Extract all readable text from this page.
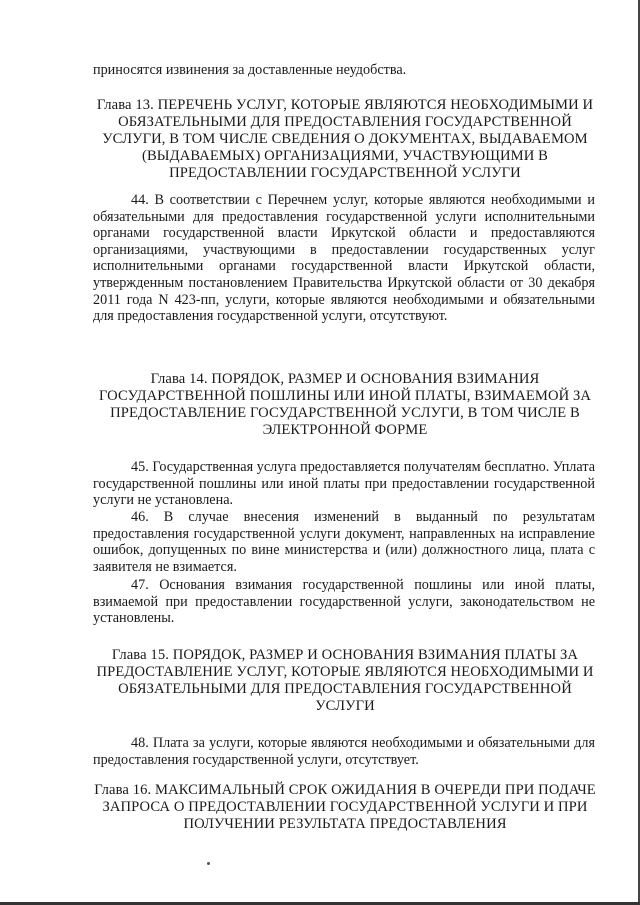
приносятся извинения за доставленные неудобства.

Глава 13. ПЕРЕЧЕНЬ УСЛУГ, КОТОРЫЕ ЯВЛЯЮТСЯ НЕОБХОДИМЫМИ И ОБЯЗАТЕЛЬНЫМИ ДЛЯ ПРЕДОСТАВЛЕНИЯ ГОСУДАРСТВЕННОЙ УСЛУГИ, В ТОМ ЧИСЛЕ СВЕДЕНИЯ О ДОКУМЕНТАХ, ВЫДАВАЕМОМ (ВЫДАВАЕМЫХ) ОРГАНИЗАЦИЯМИ, УЧАСТВУЮЩИМИ В ПРЕДОСТАВЛЕНИИ ГОСУДАРСТВЕННОЙ УСЛУГИ

44. В соответствии с Перечнем услуг, которые являются необходимыми и обязательными для предоставления государственной услуги исполнительными органами государственной власти Иркутской области и предоставляются организациями, участвующими в предоставлении государственных услуг исполнительными органами государственной власти Иркутской области, утвержденным постановлением Правительства Иркутской области от 30 декабря 2011 года N 423-пп, услуги, которые являются необходимыми и обязательными для предоставления государственной услуги, отсутствуют.

Глава 14. ПОРЯДОК, РАЗМЕР И ОСНОВАНИЯ ВЗИМАНИЯ ГОСУДАРСТВЕННОЙ ПОШЛИНЫ ИЛИ ИНОЙ ПЛАТЫ, ВЗИМАЕМОЙ ЗА ПРЕДОСТАВЛЕНИЕ ГОСУДАРСТВЕННОЙ УСЛУГИ, В ТОМ ЧИСЛЕ В ЭЛЕКТРОННОЙ ФОРМЕ

45. Государственная услуга предоставляется получателям бесплатно. Уплата государственной пошлины или иной платы при предоставлении государственной услуги не установлена.

46. В случае внесения изменений в выданный по результатам предоставления государственной услуги документ, направленных на исправление ошибок, допущенных по вине министерства и (или) должностного лица, плата с заявителя не взимается.

47. Основания взимания государственной пошлины или иной платы, взимаемой при предоставлении государственной услуги, законодательством не установлены.

Глава 15. ПОРЯДОК, РАЗМЕР И ОСНОВАНИЯ ВЗИМАНИЯ ПЛАТЫ ЗА ПРЕДОСТАВЛЕНИЕ УСЛУГ, КОТОРЫЕ ЯВЛЯЮТСЯ НЕОБХОДИМЫМИ И ОБЯЗАТЕЛЬНЫМИ ДЛЯ ПРЕДОСТАВЛЕНИЯ ГОСУДАРСТВЕННОЙ УСЛУГИ

48. Плата за услуги, которые являются необходимыми и обязательными для предоставления государственной услуги, отсутствует.

Глава 16. МАКСИМАЛЬНЫЙ СРОК ОЖИДАНИЯ В ОЧЕРЕДИ ПРИ ПОДАЧЕ ЗАПРОСА О ПРЕДОСТАВЛЕНИИ ГОСУДАРСТВЕННОЙ УСЛУГИ И ПРИ ПОЛУЧЕНИИ РЕЗУЛЬТАТА ПРЕДОСТАВЛЕНИЯ
